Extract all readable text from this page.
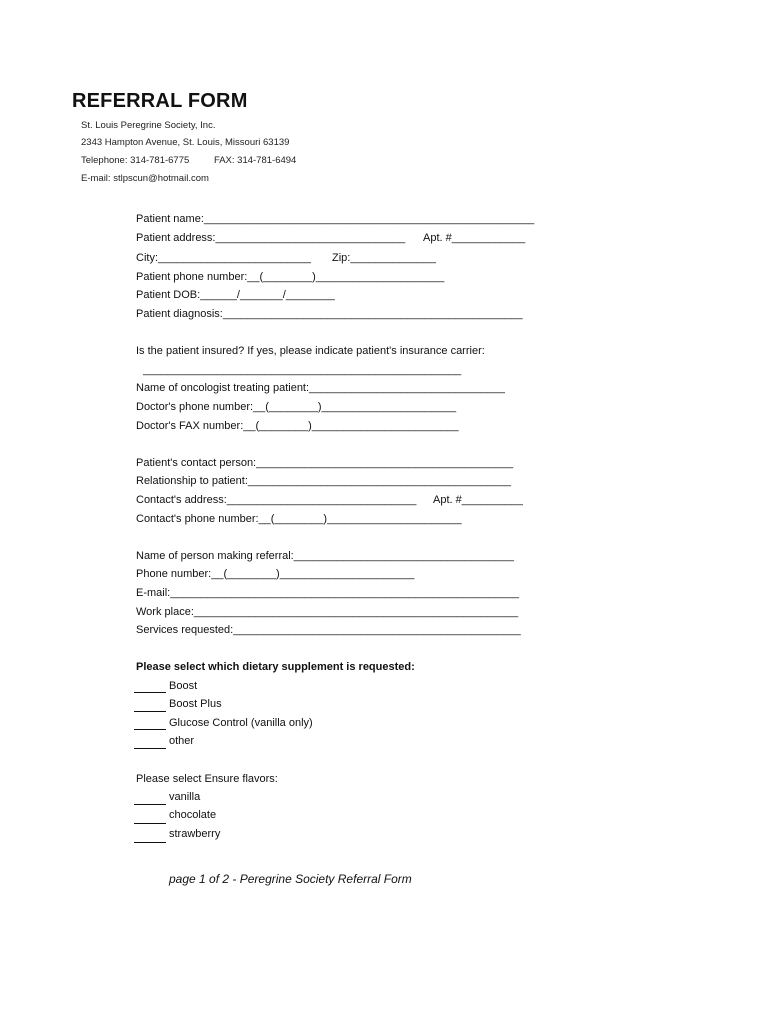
REFERRAL FORM
St. Louis Peregrine Society, Inc.
2343 Hampton Avenue, St. Louis, Missouri 63139
Telephone: 314-781-6775	FAX: 314-781-6494
E-mail: stlpscun@hotmail.com
Patient name:______________________________________________________
Patient address:_______________________________ Apt. #____________
City:_________________________ Zip:______________
Patient phone number:__(________)_____________________
Patient DOB:______/_______/________
Patient diagnosis:_________________________________________________
Is the patient insured? If yes, please indicate patient's insurance carrier:
____________________________________________________
Name of oncologist treating patient:________________________________
Doctor's phone number:__(________)______________________
Doctor's FAX number:__(________)________________________
Patient's contact person:__________________________________________
Relationship to patient:___________________________________________
Contact's address:_______________________________ Apt. #__________
Contact's phone number:__(________)______________________
Name of person making referral:____________________________________
Phone number:__(________)______________________
E-mail:_________________________________________________________
Work place:_____________________________________________________
Services requested:_______________________________________________
Please select which dietary supplement is requested:
Boost
Boost Plus
Glucose Control (vanilla only)
other
Please select Ensure flavors:
vanilla
chocolate
strawberry
page 1 of 2 - Peregrine Society Referral Form
